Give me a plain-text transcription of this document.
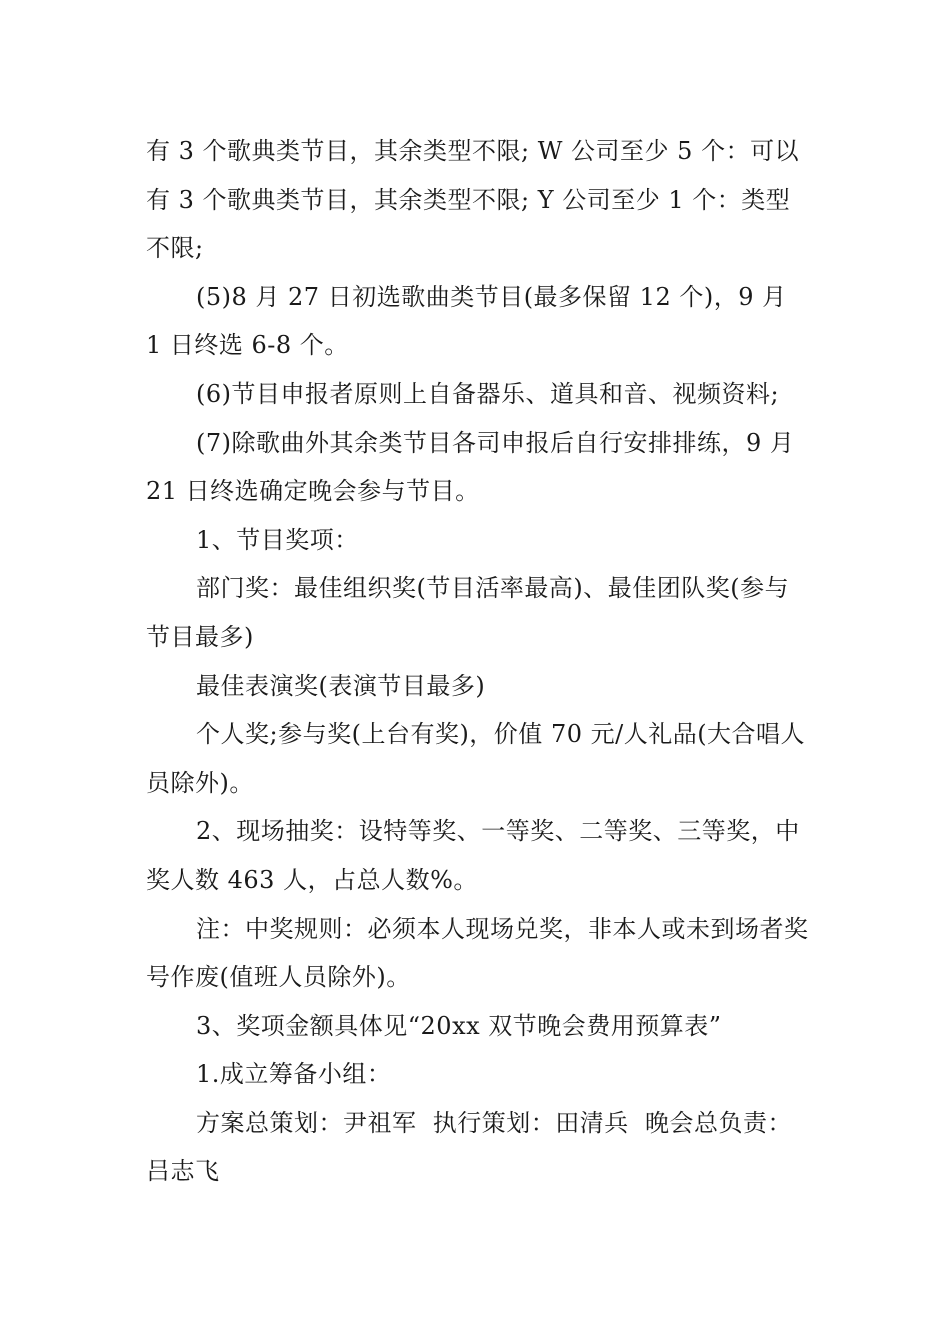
有 3 个歌典类节目，其余类型不限; W 公司至少 5 个：可以有 3 个歌典类节目，其余类型不限; Y 公司至少 1 个：类型不限;

(5)8 月 27 日初选歌曲类节目(最多保留 12 个)，9 月 1 日终选 6-8 个。

(6)节目申报者原则上自备器乐、道具和音、视频资料;

(7)除歌曲外其余类节目各司申报后自行安排排练，9 月 21 日终选确定晚会参与节目。

1、节目奖项：

部门奖：最佳组织奖(节目活率最高)、最佳团队奖(参与节目最多)

最佳表演奖(表演节目最多)

个人奖;参与奖(上台有奖)，价值 70 元/人礼品(大合唱人员除外)。

2、现场抽奖：设特等奖、一等奖、二等奖、三等奖，中奖人数 463 人，占总人数%。

注：中奖规则：必须本人现场兑奖，非本人或未到场者奖号作废(值班人员除外)。

3、奖项金额具体见“20xx 双节晚会费用预算表”

1.成立筹备小组：

方案总策划：尹祖军  执行策划：田清兵  晚会总负责：吕志飞
